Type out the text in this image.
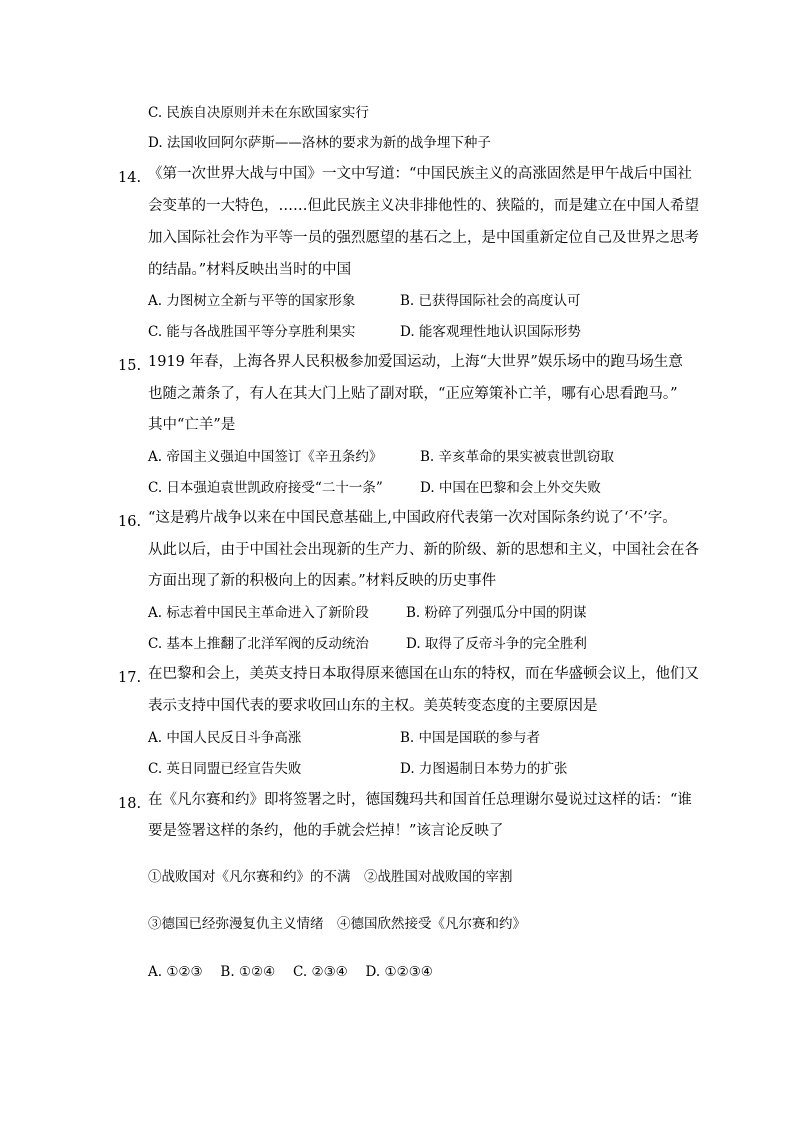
C. 民族自决原则并未在东欧国家实行
D. 法国收回阿尔萨斯——洛林的要求为新的战争埋下种子
14. 《第一次世界大战与中国》一文中写道：“中国民族主义的高涨固然是甲午战后中国社
会变革的一大特色，……但此民族主义决非排他性的、狭隘的，而是建立在中国人希望
加入国际社会作为平等一员的强烈愿望的基石之上，是中国重新定位自己及世界之思考
的结晶。”材料反映出当时的中国
A. 力图树立全新与平等的国家形象	B. 已获得国际社会的高度认可
C. 能与各战胜国平等分享胜利果实	D. 能客观理性地认识国际形势
15. 1919 年春，上海各界人民积极参加爱国运动，上海“大世界”娱乐场中的跑马场生意
也随之萧条了，有人在其大门上贴了副对联，“正应筹策补亡羊，哪有心思看跑马。”
其中“亡羊”是
A. 帝国主义强迫中国签订《辛丑条约》	B. 辛亥革命的果实被袁世凯窃取
C. 日本强迫袁世凯政府接受“二十一条”	D. 中国在巴黎和会上外交失败
16. “这是鸦片战争以来在中国民意基础上,中国政府代表第一次对国际条约说了‘不’字。
从此以后，由于中国社会出现新的生产力、新的阶级、新的思想和主义，中国社会在各
方面出现了新的积极向上的因素。”材料反映的历史事件
A. 标志着中国民主革命进入了新阶段	B. 粉碎了列强瓜分中国的阴谋
C. 基本上推翻了北洋军阀的反动统治	D. 取得了反帝斗争的完全胜利
17. 在巴黎和会上，美英支持日本取得原来德国在山东的特权，而在华盛顿会议上，他们又
表示支持中国代表的要求收回山东的主权。美英转变态度的主要原因是
A. 中国人民反日斗争高涨	B. 中国是国联的参与者
C. 英日同盟已经宣告失败	D. 力图遏制日本势力的扩张
18. 在《凡尔赛和约》即将签署之时，德国魏玛共和国首任总理谢尔曼说过这样的话：“谁
要是签署这样的条约，他的手就会烂掉！”该言论反映了
①战败国对《凡尔赛和约》的不满　②战胜国对战败国的宰割
③德国已经弥漫复仇主义情绪　④德国欣然接受《凡尔赛和约》
A. ①②③　 B. ①②④　 C. ②③④　 D. ①②③④
